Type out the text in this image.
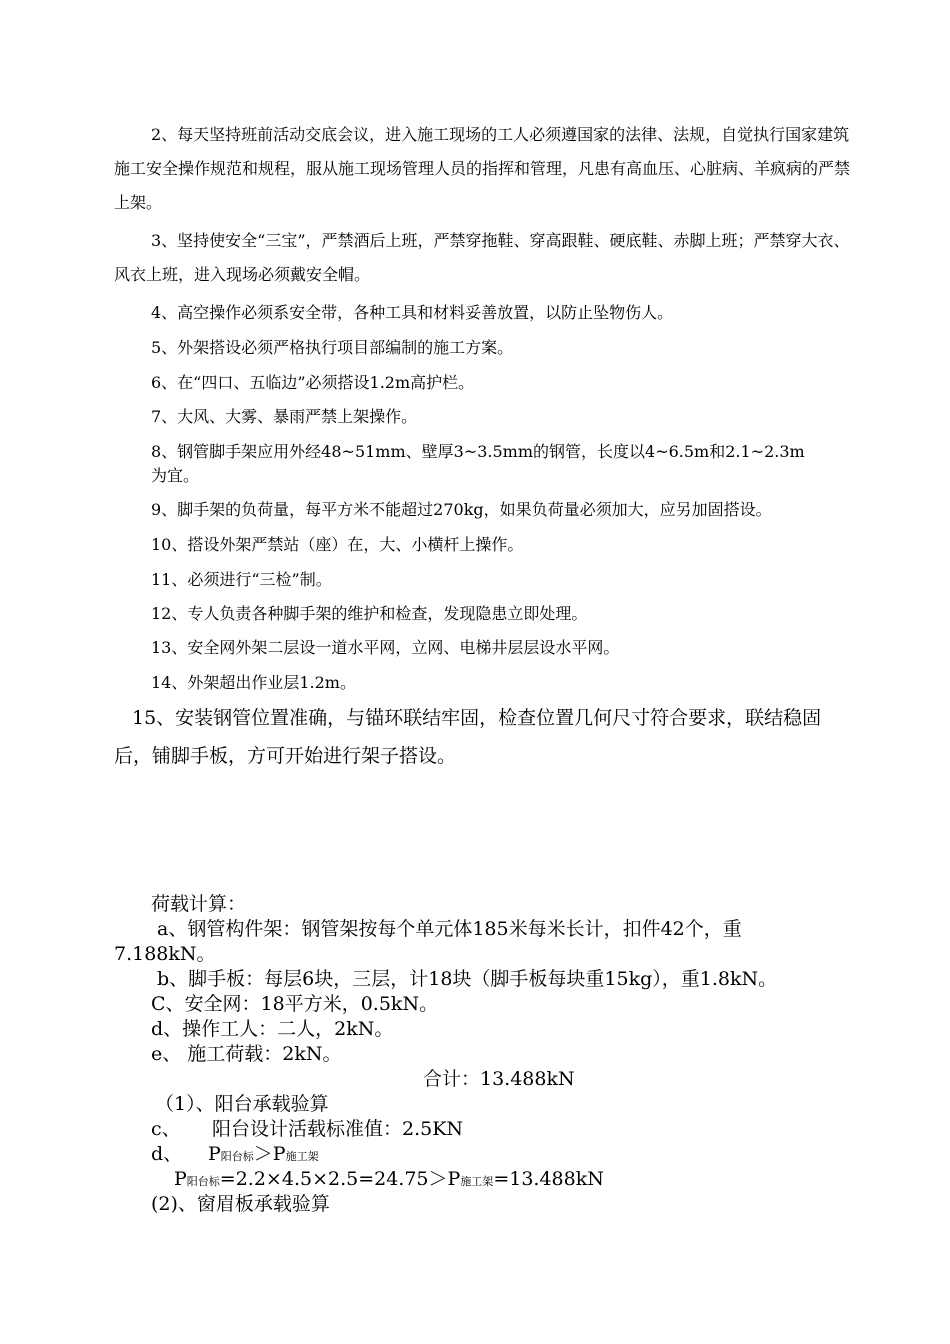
2、每天坚持班前活动交底会议，进入施工现场的工人必须遵国家的法律、法规，自觉执行国家建筑施工安全操作规范和规程，服从施工现场管理人员的指挥和管理，凡患有高血压、心脏病、羊疯病的严禁上架。

3、坚持使安全“三宝”，严禁酒后上班，严禁穿拖鞋、穿高跟鞋、硬底鞋、赤脚上班；严禁穿大衣、风衣上班，进入现场必须戴安全帽。

4、高空操作必须系安全带，各种工具和材料妥善放置，以防止坠物伤人。

5、外架搭设必须严格执行项目部编制的施工方案。

6、在“四口、五临边”必须搭设1.2m高护栏。

7、大风、大雾、暴雨严禁上架操作。

8、钢管脚手架应用外经48~51mm、壁厚3~3.5mm的钢管，长度以4~6.5m和2.1~2.3m

为宜。

9、脚手架的负荷量，每平方米不能超过270kg，如果负荷量必须加大，应另加固搭设。

10、搭设外架严禁站（座）在，大、小横杆上操作。

11、必须进行“三检”制。

12、专人负责各种脚手架的维护和检查，发现隐患立即处理。

13、安全网外架二层设一道水平网，立网、电梯井层层设水平网。

14、外架超出作业层1.2m。

15、安装钢管位置准确，与锚环联结牢固，检查位置几何尺寸符合要求，联结稳固后，铺脚手板，方可开始进行架子搭设。

荷载计算：

a、钢管构件架：钢管架按每个单元体185米每米长计，扣件42个，重

7.188kN。

b、脚手板：每层6块，三层，计18块（脚手板每块重15kg），重1.8kN。

C、安全网：18平方米，0.5kN。

d、操作工人：二人，2kN。

e、 施工荷载：2kN。

合计：13.488kN

（1）、阳台承载验算

c、 阳台设计活载标准值：2.5KN

d、 P阳台标＞P施工架

P阳台标=2.2×4.5×2.5=24.75＞P施工架=13.488kN

(2)、窗眉板承载验算
